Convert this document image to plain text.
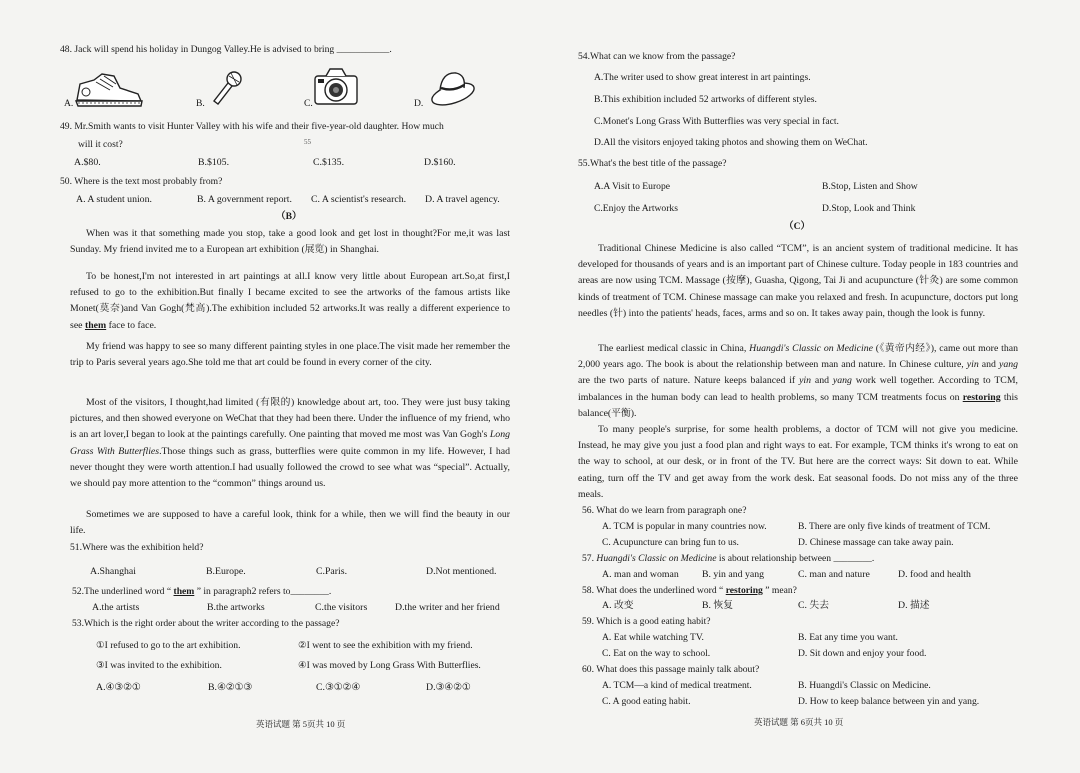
48. Jack will spend his holiday in Dungog Valley.He is advised to bring ___________.
A.	B.	C.	D.
49. Mr.Smith wants to visit Hunter Valley with his wife and their five-year-old daughter. How much
will it cost?	55
A.$80.	B.$105.	C.$135.	D.$160.
50. Where is the text most probably from?
A. A student union.	B. A government report.	C. A scientist's research.	D. A travel agency.
（B）

When was it that something made you stop, take a good look and get lost in thought?For me,it was last Sunday. My friend invited me to a European art exhibition (展览) in Shanghai.

To be honest,I'm not interested in art paintings at all.I know very little about European art.So,at first,I refused to go to the exhibition.But finally I became excited to see the artworks of the famous artists like Monet(莫奈)and Van Gogh(梵高).The exhibition included 52 artworks.It was really a different experience to see them face to face.

My friend was happy to see so many different painting styles in one place.The visit made her remember the trip to Paris several years ago.She told me that art could be found in every corner of the city.

Most of the visitors, I thought,had limited (有限的) knowledge about art, too. They were just busy taking pictures, and then showed everyone on WeChat that they had been there. Under the influence of my friend, who is an art lover,I began to look at the paintings carefully. One painting that moved me most was Van Gogh's Long Grass With Butterflies.Those things such as grass, butterflies were quite common in my life. However, I had never thought they were worth attention.I had usually followed the crowd to see what was “special”. Actually, we should pay more attention to the “common” things around us.

Sometimes we are supposed to have a careful look, think for a while, then we will find the beauty in our life.

51.Where was the exhibition held?
A.Shanghai	B.Europe.	C.Paris.	D.Not mentioned.
52.The underlined word “ them ” in paragraph2 refers to________.
A.the artists	B.the artworks	C.the visitors	D.the writer and her friend
53.Which is the right order about the writer according to the passage?
①I refused to go to the art exhibition.	②I went to see the exhibition with my friend.
③I was invited to the exhibition.	④I was moved by Long Grass With Butterflies.
A.④③②①	B.④②①③	C.③①②④	D.③④②①
英语试题 第 5页共 10 页
54.What can we know from the passage?
A.The writer used to show great interest in art paintings.
B.This exhibition included 52 artworks of different styles.
C.Monet's Long Grass With Butterflies was very special in fact.
D.All the visitors enjoyed taking photos and showing them on WeChat.
55.What's the best title of the passage?
A.A Visit to Europe	B.Stop, Listen and Show
C.Enjoy the Artworks	D.Stop, Look and Think
（C）

Traditional Chinese Medicine is also called “TCM”, is an ancient system of traditional medicine. It has developed for thousands of years and is an important part of Chinese culture. Today people in 183 countries and areas are now using TCM. Massage (按摩), Guasha, Qigong, Tai Ji and acupuncture (针灸) are some common kinds of treatment of TCM. Chinese massage can make you relaxed and fresh. In acupuncture, doctors put long needles (针) into the patients' heads, faces, arms and so on. It takes away pain, though the look is funny.

The earliest medical classic in China, Huangdi's Classic on Medicine (《黄帝内经》), came out more than 2,000 years ago. The book is about the relationship between man and nature. In Chinese culture, yin and yang are the two parts of nature. Nature keeps balanced if yin and yang work well together. According to TCM, imbalances in the human body can lead to health problems, so many TCM treatments focus on restoring this balance(平衡).

To many people's surprise, for some health problems, a doctor of TCM will not give you medicine. Instead, he may give you just a food plan and right ways to eat. For example, TCM thinks it's wrong to eat on the way to school, at our desk, or in front of the TV. But here are the correct ways: Sit down to eat. While eating, turn off the TV and get away from the work desk. Eat seasonal foods. Do not miss any of the three meals.

56. What do we learn from paragraph one?
A. TCM is popular in many countries now.	B. There are only five kinds of treatment of TCM.
C. Acupuncture can bring fun to us.	D. Chinese massage can take away pain.
57. Huangdi's Classic on Medicine is about relationship between ________.
A. man and woman	B. yin and yang	C. man and nature	D. food and health
58. What does the underlined word “ restoring ” mean?
A. 改变	B. 恢复	C. 失去	D. 描述
59. Which is a good eating habit?
A. Eat while watching TV.	B. Eat any time you want.
C. Eat on the way to school.	D. Sit down and enjoy your food.
60. What does this passage mainly talk about?
A. TCM—a kind of medical treatment.	B. Huangdi's Classic on Medicine.
C. A good eating habit.	D. How to keep balance between yin and yang.
英语试题 第 6页共 10 页
